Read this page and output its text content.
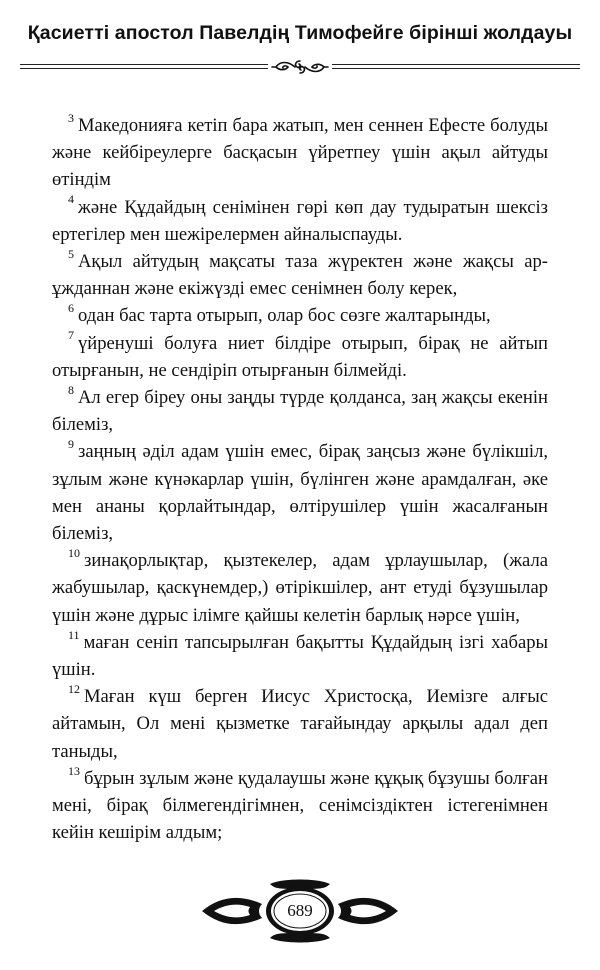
Қасиетті апостол Павелдің Тимофейге бірінші жолдауы

$^3$ Македонияға кетіп бара жатып, мен сеннен Ефесте болуды және кейбіреулерге басқасын үйретпеу үшін ақыл айтуды өтіндім

$^4$ және Құдайдың сенімінен гөрі көп дау тудыратын шексіз ертегілер мен шежірелермен айналыспауды.

$^5$ Ақыл айтудың мақсаты таза жүректен және жақсы ар-ұжданнан және екіжүзді емес сенімнен болу керек,

$^6$ одан бас тарта отырып, олар бос сөзге жалтарынды,

$^7$ үйренуші болуға ниет білдіре отырып, бірақ не айтып отырғанын, не сендіріп отырғанын білмейді.

$^8$ Ал егер біреу оны заңды түрде қолданса, заң жақсы екенін білеміз,

$^9$ заңның әділ адам үшін емес, бірақ заңсыз және бүлікшіл, зұлым және күнәкарлар үшін, бүлінген және арамдалған, әке мен ананы қорлайтындар, өлтірушілер үшін жасалғанын білеміз,

$^{10}$ зинақорлықтар, қызтекелер, адам ұрлаушылар, (жала жабушылар, қаскүнемдер,) өтірікшілер, ант етуді бұзушылар үшін және дұрыс ілімге қайшы келетін барлық нәрсе үшін,

$^{11}$ маған сеніп тапсырылған бақытты Құдайдың ізгі хабары үшін.

$^{12}$ Маған күш берген Иисус Христосқа, Иемізге алғыс айтамын, Ол мені қызметке тағайындау арқылы адал деп таныды,

$^{13}$ бұрын зұлым және қудалаушы және құқық бұзушы болған мені, бірақ білмегендігімнен, сенімсіздіктен істегенімнен кейін кешірім алдым;

689
